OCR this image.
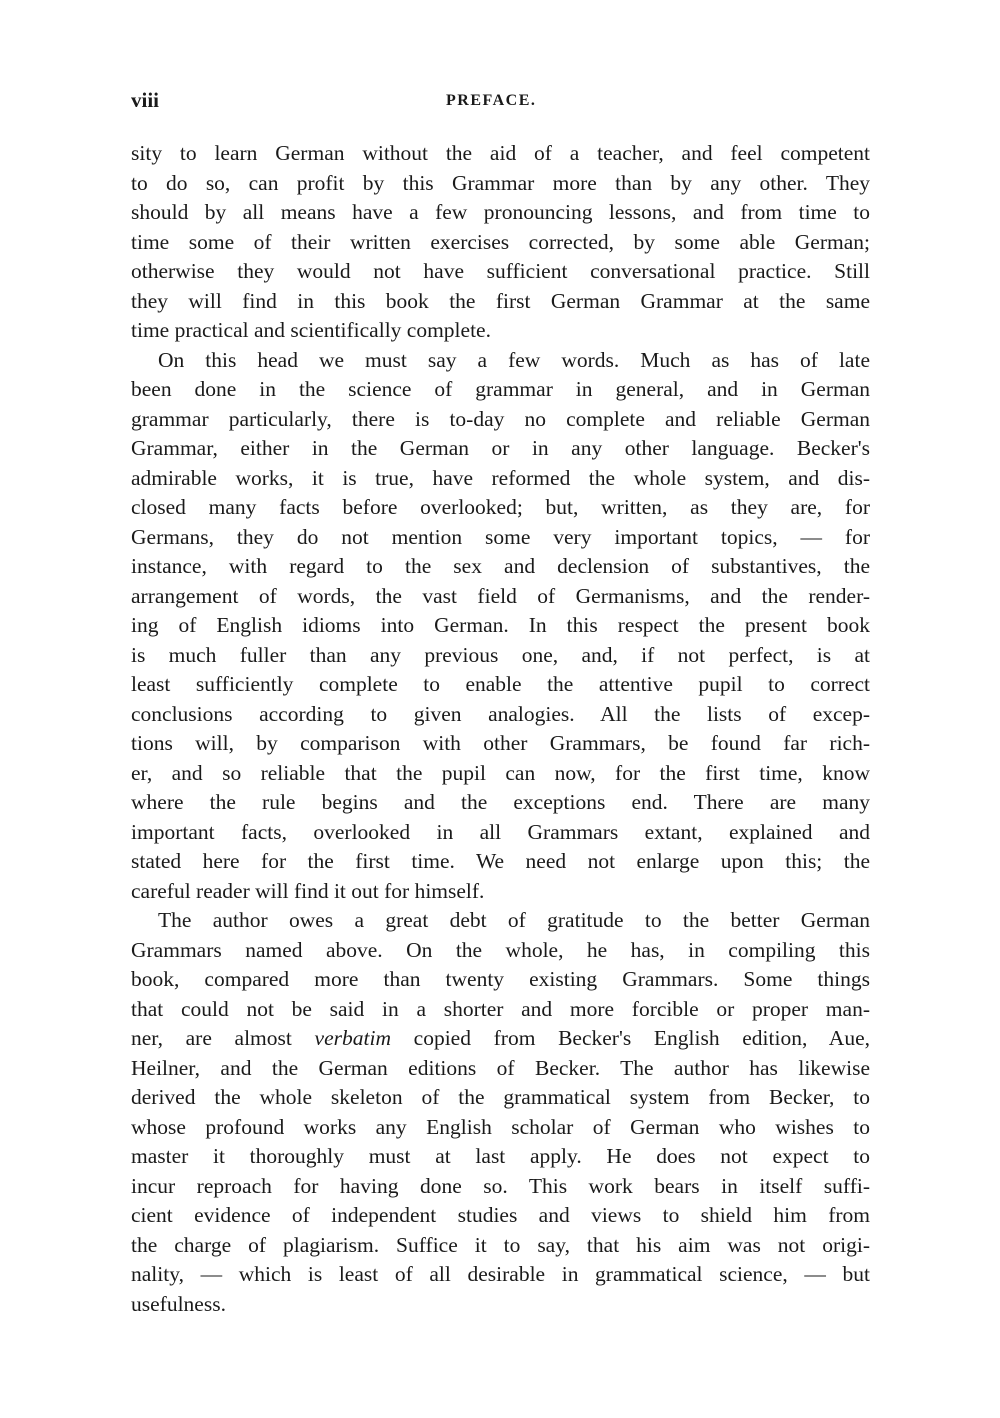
viii	PREFACE.
sity to learn German without the aid of a teacher, and feel competent
to do so, can profit by this Grammar more than by any other. They
should by all means have a few pronouncing lessons, and from time to
time some of their written exercises corrected, by some able German;
otherwise they would not have sufficient conversational practice. Still
they will find in this book the first German Grammar at the same
time practical and scientifically complete.
On this head we must say a few words. Much as has of late
been done in the science of grammar in general, and in German
grammar particularly, there is to-day no complete and reliable German
Grammar, either in the German or in any other language. Becker's
admirable works, it is true, have reformed the whole system, and dis-
closed many facts before overlooked; but, written, as they are, for
Germans, they do not mention some very important topics, — for
instance, with regard to the sex and declension of substantives, the
arrangement of words, the vast field of Germanisms, and the render-
ing of English idioms into German. In this respect the present book
is much fuller than any previous one, and, if not perfect, is at
least sufficiently complete to enable the attentive pupil to correct
conclusions according to given analogies. All the lists of excep-
tions will, by comparison with other Grammars, be found far rich-
er, and so reliable that the pupil can now, for the first time, know
where the rule begins and the exceptions end. There are many
important facts, overlooked in all Grammars extant, explained and
stated here for the first time. We need not enlarge upon this; the
careful reader will find it out for himself.
The author owes a great debt of gratitude to the better German
Grammars named above. On the whole, he has, in compiling this
book, compared more than twenty existing Grammars. Some things
that could not be said in a shorter and more forcible or proper man-
ner, are almost verbatim copied from Becker's English edition, Aue,
Heilner, and the German editions of Becker. The author has likewise
derived the whole skeleton of the grammatical system from Becker, to
whose profound works any English scholar of German who wishes to
master it thoroughly must at last apply. He does not expect to
incur reproach for having done so. This work bears in itself suffi-
cient evidence of independent studies and views to shield him from
the charge of plagiarism. Suffice it to say, that his aim was not origi-
nality, — which is least of all desirable in grammatical science, — but
usefulness.
